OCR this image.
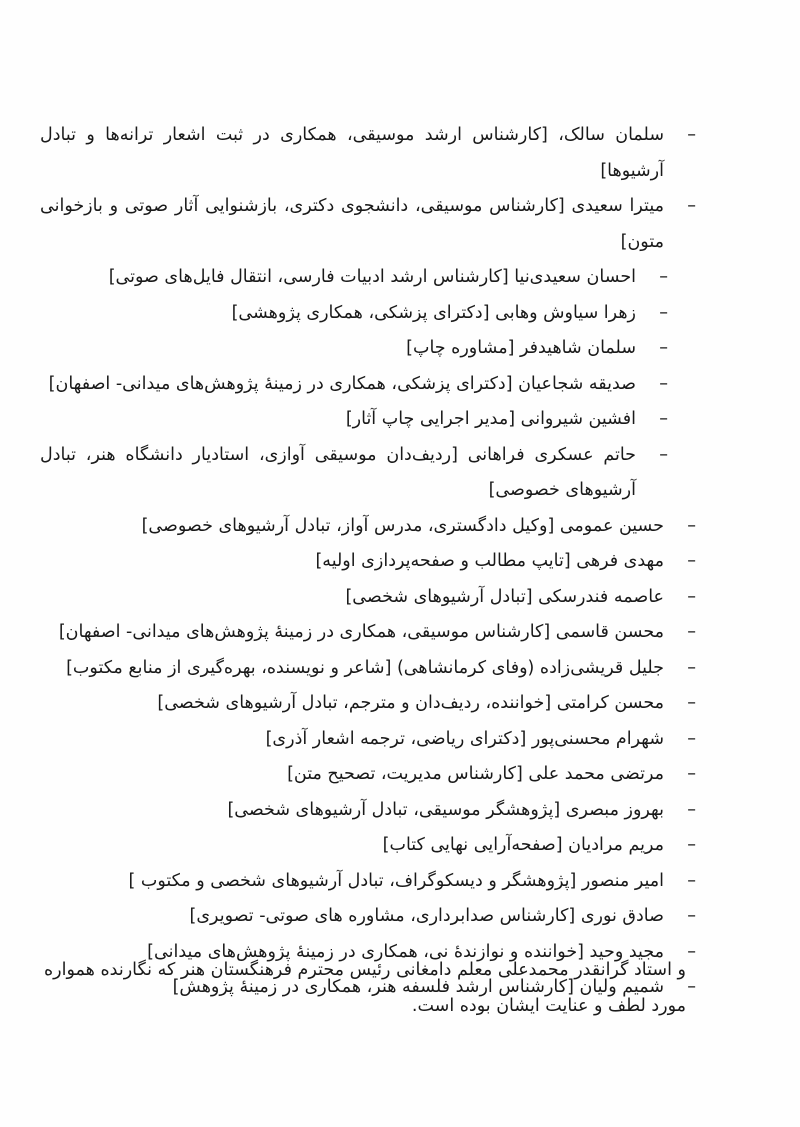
–سلمان سالک، [کارشناس ارشد موسیقی، همکاری در ثبت اشعار ترانه‌ها و تبادل آرشیوها]

–میترا سعیدی [کارشناس موسیقی، دانشجوی دکتری، بازشنوایی آثار صوتی و بازخوانی متون]

–احسان سعیدی‌نیا [کارشناس ارشد ادبیات فارسی، انتقال فایل‌های صوتی]

–زهرا سیاوش وهابی [دکترای پزشکی، همکاری پژوهشی]

–سلمان شاهیدفر [مشاوره چاپ]

–صدیقه شجاعیان [دکترای پزشکی، همکاری در زمینهٔ پژوهش‌های میدانی- اصفهان]

–افشین شیروانی [مدیر اجرایی چاپ آثار]

–حاتم عسکری فراهانی [ردیف‌دان موسیقی آوازی، استادیار دانشگاه هنر، تبادل آرشیوهای خصوصی]

–حسین عمومی [وکیل دادگستری، مدرس آواز، تبادل آرشیوهای خصوصی]

–مهدی فرهی [تایپ مطالب و صفحه‌پردازی اولیه]

–عاصمه فندرسکی [تبادل آرشیوهای شخصی]

–محسن قاسمی [کارشناس موسیقی، همکاری در زمینهٔ پژوهش‌های میدانی- اصفهان]

–جلیل قریشی‌زاده (وفای کرمانشاهی) [شاعر و نویسنده، بهره‌گیری از منابع مکتوب]

–محسن کرامتی [خواننده، ردیف‌دان و مترجم، تبادل آرشیوهای شخصی]

–شهرام محسنی‌پور [دکترای ریاضی، ترجمه اشعار آذری]

–مرتضی محمد علی [کارشناس مدیریت، تصحیح متن]

–بهروز مبصری [پژوهشگر موسیقی، تبادل آرشیوهای شخصی]

–مریم مرادیان [صفحه‌آرایی نهایی کتاب]

–امیر منصور [پژوهشگر و دیسکوگراف، تبادل آرشیوهای شخصی و مکتوب ]

–صادق نوری [کارشناس صدابرداری، مشاوره های صوتی- تصویری]

–مجید وحید [خواننده و نوازندهٔ نی، همکاری در زمینهٔ پژوهش‌های میدانی]

–شمیم ولیان [کارشناس ارشد فلسفه هنر، همکاری در زمینهٔ پژوهش]

و استاد گرانقدر محمدعلی معلم دامغانی رئیس محترم فرهنگستان هنر که نگارنده همواره مورد لطف و عنایت ایشان بوده است.
